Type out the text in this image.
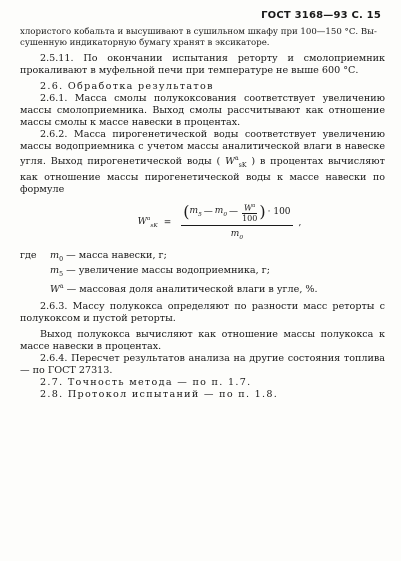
ГОСТ 3168—93 С. 15

хлористого кобальта и высушивают в сушильном шкафу при 100—150 °С. Вы-

сушенную индикаторную бумагу хранят в эксикаторе.

2.5.11. По окончании испытания реторту и смолоприемник прокаливают в муфельной печи при температуре не выше 600 °С.

2.6. Обработка результатов

2.6.1. Масса смолы полукоксования соответствует увеличению массы смолоприемника. Выход смолы рассчитывают как отношение массы смолы к массе навески в процентах.

2.6.2. Масса пирогенетической воды соответствует увеличению массы водоприемника с учетом массы аналитической влаги в навеске угля. Выход пирогенетической воды ( $W^a_{sK}$ ) в процентах вычисляют как отношение массы пирогенетической воды к массе навески по формуле

$W^a_{sK}$ =
( $m_5$ — $m_0$ — $\frac{W^a}{100}$ ) · 100
$m_0$
,
где	$m_0$ — масса навески, г;
$m_5$ — увеличение массы водоприемника, г;
$W^a$ — массовая доля аналитической влаги в угле, %.

2.6.3. Массу полукокса определяют по разности масс реторты с полукоксом и пустой реторты.

Выход полукокса вычисляют как отношение массы полукокса к массе навески в процентах.

2.6.4. Пересчет результатов анализа на другие состояния топлива — по ГОСТ 27313.

2.7. Точность метода — по п. 1.7.

2.8. Протокол испытаний — по п. 1.8.
